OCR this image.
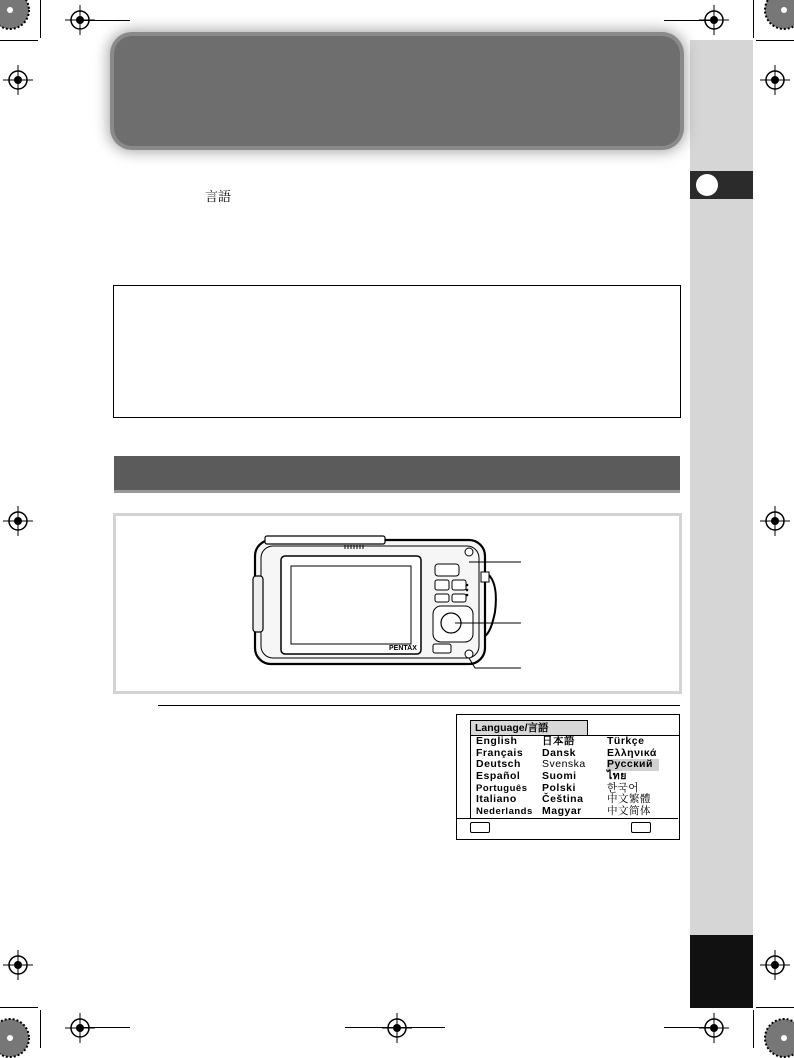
言語
PENTAX
Language/言語
English
Français
Deutsch
Español
Português
Italiano
Nederlands
日本語
Dansk
Svenska
Suomi
Polski
Čeština
Magyar
Türkçe
Ελληνικά
Русский
ไทย
한국어
中文繁體
中文简体
